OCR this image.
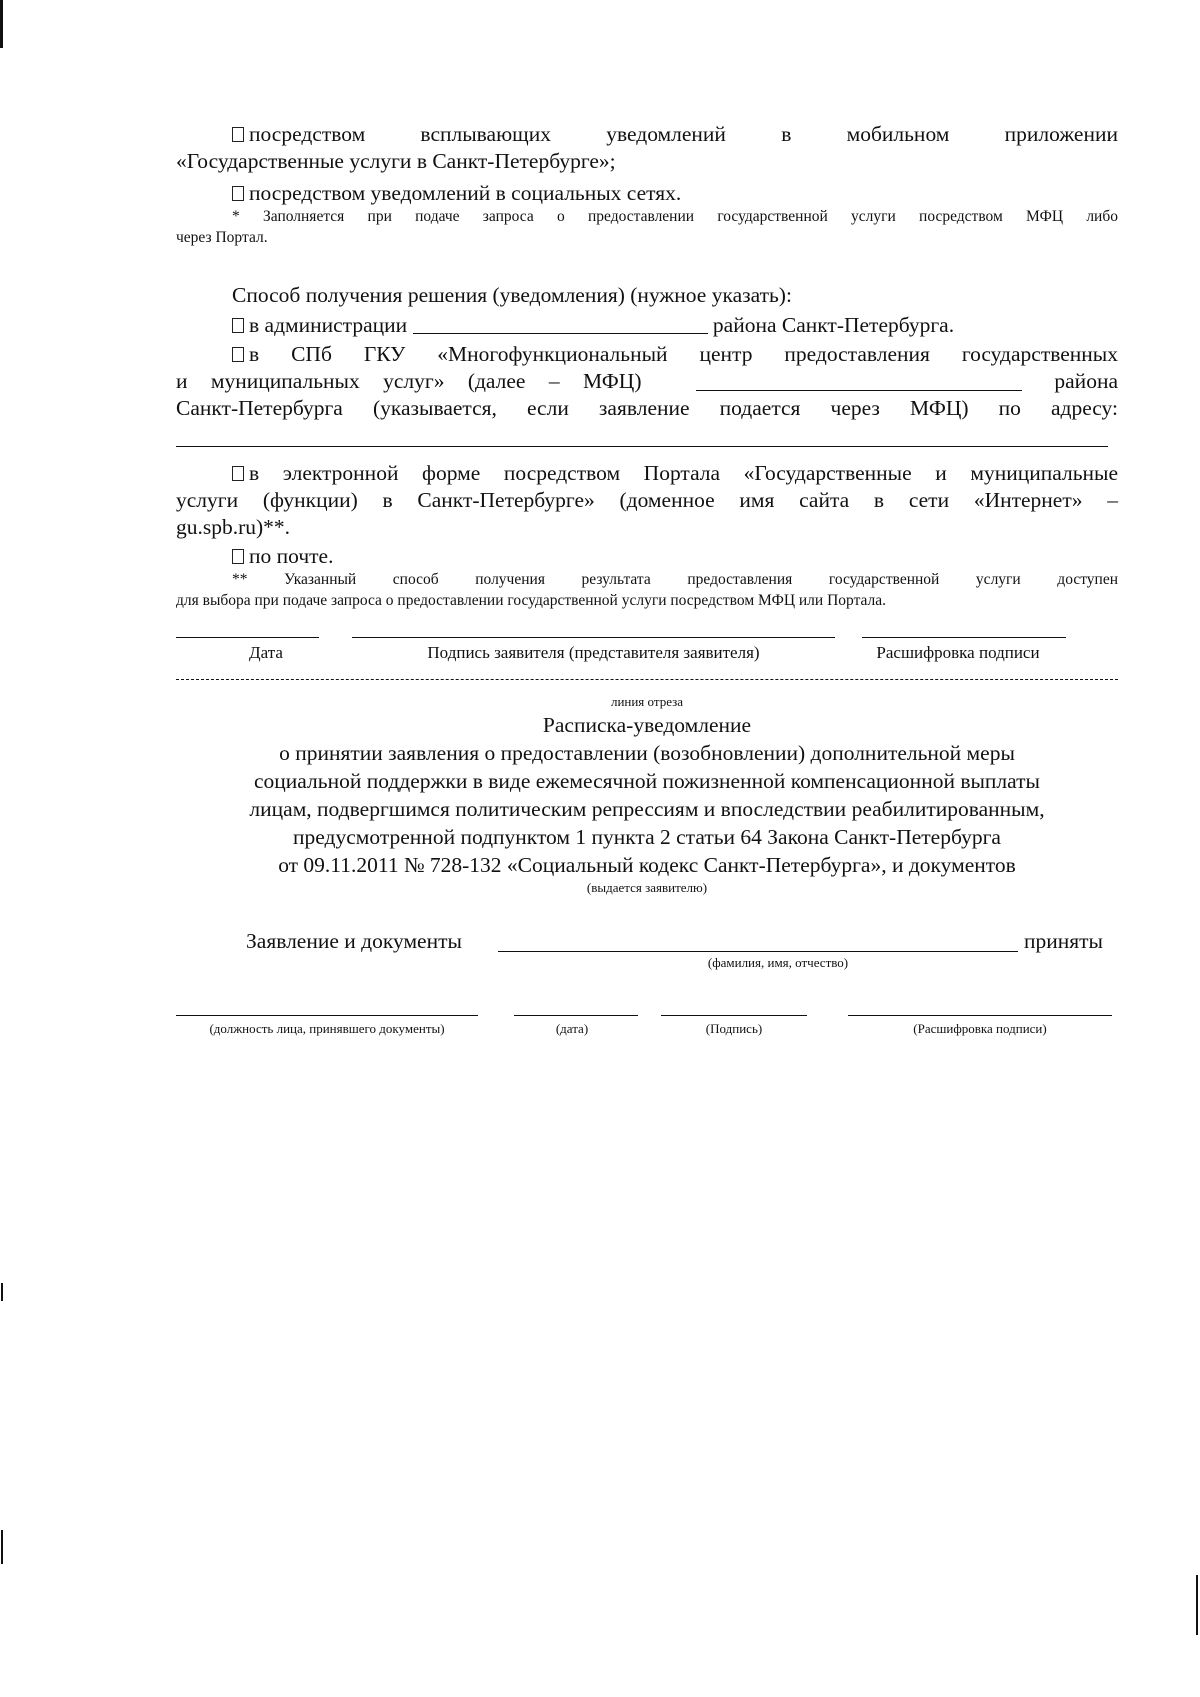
посредством всплывающих уведомлений в мобильном приложении
«Государственные услуги в Санкт-Петербурге»;
посредством уведомлений в социальных сетях.
* Заполняется при подаче запроса о предоставлении государственной услуги посредством МФЦ либо
через Портал.
Способ получения решения (уведомления) (нужное указать):
в администрации	района Санкт-Петербурга.
в СПб ГКУ «Многофункциональный центр предоставления государственных
и муниципальных услуг» (далее – МФЦ)	района
Санкт-Петербурга (указывается, если заявление подается через МФЦ) по адресу:
в электронной форме посредством Портала «Государственные и муниципальные
услуги (функции) в Санкт-Петербурге» (доменное имя сайта в сети «Интернет» –
gu.spb.ru)**.
по почте.
** Указанный способ получения результата предоставления государственной услуги доступен
для выбора при подаче запроса о предоставлении государственной услуги посредством МФЦ или Портала.
Дата	Подпись заявителя (представителя заявителя)	Расшифровка подписи
линия отреза
Расписка-уведомление
о принятии заявления о предоставлении (возобновлении) дополнительной меры
социальной поддержки в виде ежемесячной пожизненной компенсационной выплаты
лицам, подвергшимся политическим репрессиям и впоследствии реабилитированным,
предусмотренной подпунктом 1 пункта 2 статьи 64 Закона Санкт-Петербурга
от 09.11.2011 № 728-132 «Социальный кодекс Санкт-Петербурга», и документов
(выдается заявителю)
Заявление и документы	приняты
(фамилия, имя, отчество)
(должность лица, принявшего документы)	(дата)	(Подпись)	(Расшифровка подписи)
